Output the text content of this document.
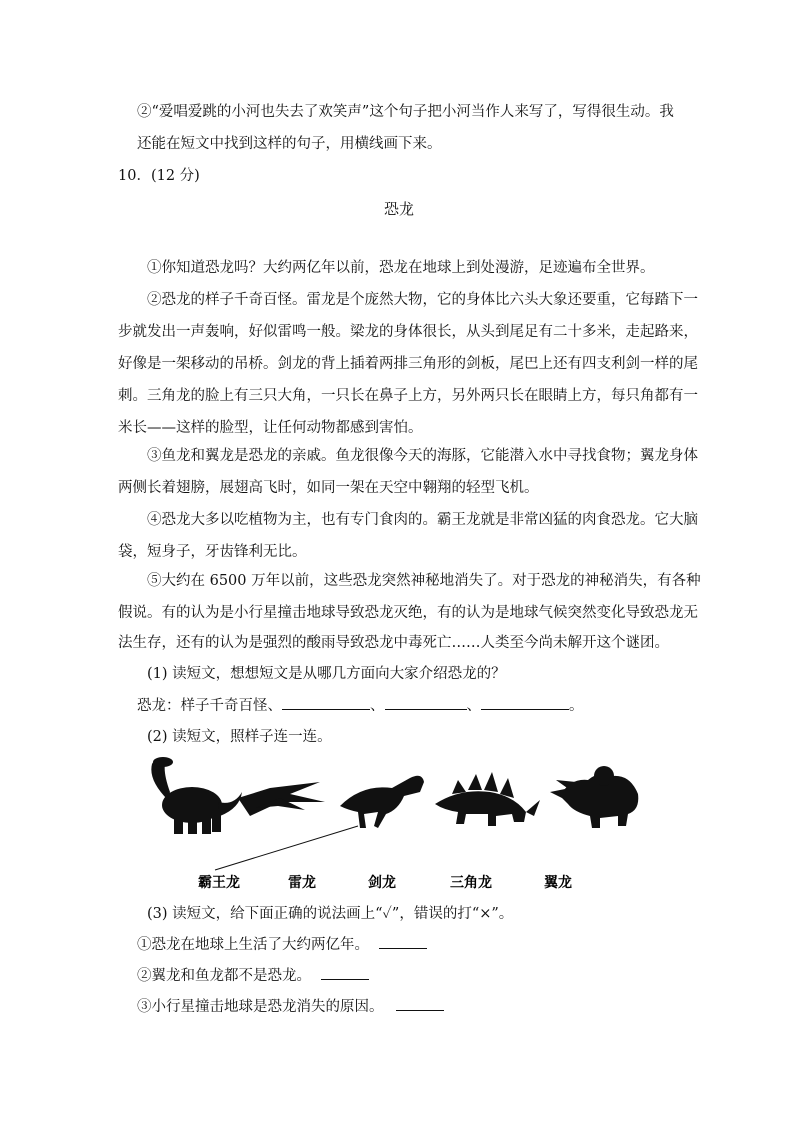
②“爱唱爱跳的小河也失去了欢笑声”这个句子把小河当作人来写了，写得很生动。我
还能在短文中找到这样的句子，用横线画下来。
10．(12 分)
恐龙
①你知道恐龙吗？大约两亿年以前，恐龙在地球上到处漫游，足迹遍布全世界。
②恐龙的样子千奇百怪。雷龙是个庞然大物，它的身体比六头大象还要重，它每踏下一
步就发出一声轰响，好似雷鸣一般。梁龙的身体很长，从头到尾足有二十多米，走起路来，
好像是一架移动的吊桥。剑龙的背上插着两排三角形的剑板，尾巴上还有四支利剑一样的尾
刺。三角龙的脸上有三只大角，一只长在鼻子上方，另外两只长在眼睛上方，每只角都有一
米长——这样的脸型，让任何动物都感到害怕。
③鱼龙和翼龙是恐龙的亲戚。鱼龙很像今天的海豚，它能潜入水中寻找食物；翼龙身体
两侧长着翅膀，展翅高飞时，如同一架在天空中翱翔的轻型飞机。
④恐龙大多以吃植物为主，也有专门食肉的。霸王龙就是非常凶猛的肉食恐龙。它大脑
袋，短身子，牙齿锋利无比。
⑤大约在 6500 万年以前，这些恐龙突然神秘地消失了。对于恐龙的神秘消失，有各种
假说。有的认为是小行星撞击地球导致恐龙灭绝，有的认为是地球气候突然变化导致恐龙无
法生存，还有的认为是强烈的酸雨导致恐龙中毒死亡……人类至今尚未解开这个谜团。
(1) 读短文，想想短文是从哪几方面向大家介绍恐龙的？
恐龙：样子千奇百怪、	、	、	。
(2) 读短文，照样子连一连。
霸王龙	雷龙	剑龙	三角龙	翼龙
(3) 读短文，给下面正确的说法画上“✓”，错误的打“×”。
①恐龙在地球上生活了大约两亿年。
②翼龙和鱼龙都不是恐龙。
③小行星撞击地球是恐龙消失的原因。
